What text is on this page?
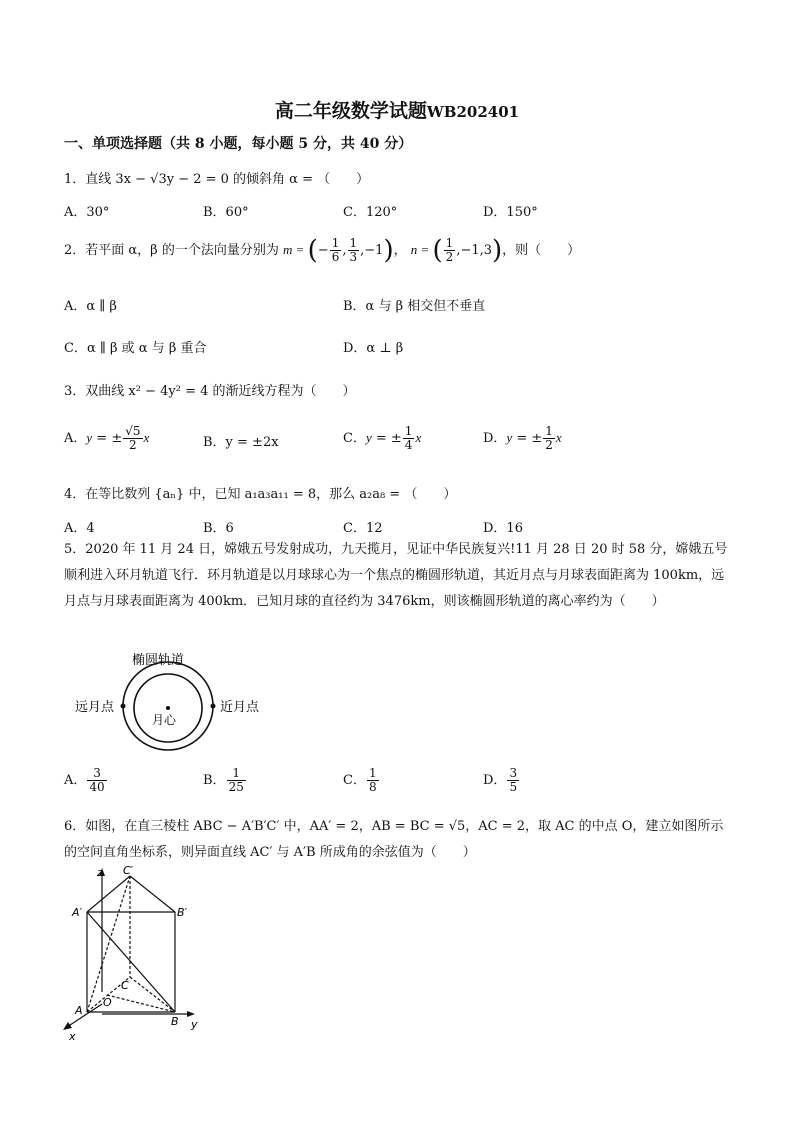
高二年级数学试题WB202401
一、单项选择题（共 8 小题，每小题 5 分，共 40 分）
1．直线 3x − √3y − 2 = 0 的倾斜角 α = （　　）
A．30°	B．60°	C．120°	D．150°
2．若平面 α，β 的一个法向量分别为 m = (− $\frac{1}{6}$ , $\frac{1}{3} ,-1$)， n = ( $\frac{1}{2} ,-1,3$)，则（　　）
A．α ∥ β	B．α 与 β 相交但不垂直
C．α ∥ β 或 α 与 β 重合	D．α ⊥ β
3．双曲线 x² − 4y² = 4 的渐近线方程为（　　）
A．y = ± $\frac{√5}{2}$ x	B．y = ±2x	C．y = ± $\frac{1}{4}$ x	D．y = ± $\frac{1}{2}$ x
4．在等比数列 {aₙ} 中，已知 a₁a₃a₁₁ = 8，那么 a₂a₈ = （　　）
A．4	B．6	C．12	D．16
5．2020 年 11 月 24 日，嫦娥五号发射成功，九天揽月，见证中华民族复兴!11 月 28 日 20 时 58 分，嫦娥五号顺利进入环月轨道飞行．环月轨道是以月球球心为一个焦点的椭圆形轨道，其近月点与月球表面距离为 100km，远月点与月球表面距离为 400km．已知月球的直径约为 3476km，则该椭圆形轨道的离心率约为（　　）
椭圆轨道
远月点	近月点
月心
A． $\frac{3}{40}$	B． $\frac{1}{25}$	C． $\frac{1}{8}$	D． $\frac{3}{5}$
6．如图，在直三棱柱 ABC − A′B′C′ 中，AA′ = 2，AB = BC = √5，AC = 2，取 AC 的中点 O，建立如图所示的空间直角坐标系，则异面直线 AC′ 与 A′B 所成角的余弦值为（　　）
z
y
x
C′
A′	B′
A
B
C
O
